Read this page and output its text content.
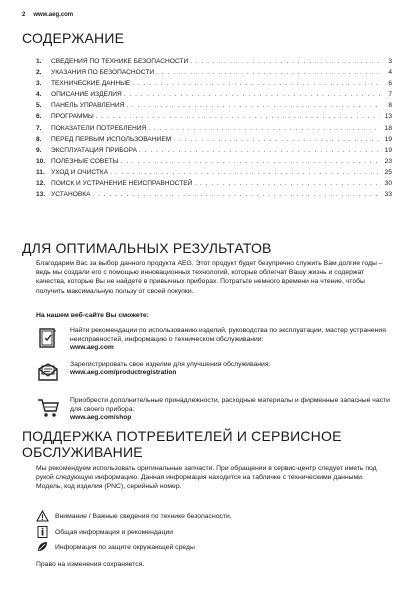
2 www.aeg.com
СОДЕРЖАНИЕ
1.	СВЕДЕНИЯ ПО ТЕХНИКЕ БЕЗОПАСНОСТИ . . .	3
2.	УКАЗАНИЯ ПО БЕЗОПАСНОСТИ . . .	4
3.	ТЕХНИЧЕСКИЕ ДАННЫЕ . . .	6
4.	ОПИСАНИЕ ИЗДЕЛИЯ . . .	7
5.	ПАНЕЛЬ УПРАВЛЕНИЯ . . .	8
6.	ПРОГРАММЫ . . .	13
7.	ПОКАЗАТЕЛИ ПОТРЕБЛЕНИЯ . . .	18
8.	ПЕРЕД ПЕРВЫМ ИСПОЛЬЗОВАНИЕМ . . .	19
9.	ЭКСПЛУАТАЦИЯ ПРИБОРА . . .	19
10. ПОЛЕЗНЫЕ СОВЕТЫ . . .	23
11. УХОД И ОЧИСТКА . . .	25
12. ПОИСК И УСТРАНЕНИЕ НЕИСПРАВНОСТЕЙ . . .	30
13. УСТАНОВКА . . .	33
ДЛЯ ОПТИМАЛЬНЫХ РЕЗУЛЬТАТОВ

Благодарим Вас за выбор данного продукта AEG. Этот продукт будет безупречно служить Вам долгие годы – ведь мы создали его с помощью инновационных технологий, которые облегчат Вашу жизнь и содержат качества, которые Вы не найдете в привычных приборах. Потратьте немного времени на чтение, чтобы получить максимальную пользу от своей покупки.

На нашем веб-сайте Вы сможете:
Найти рекомендации по использованию изделий, руководства по эксплуатации, мастер устранения неисправностей, информацию о техническом обслуживании:
www.aeg.com
Зарегистрировать свое изделие для улучшения обслуживания:
www.aeg.com/productregistration
Приобрести дополнительные принадлежности, расходные материалы и фирменные запасные части для своего прибора:
www.aeg.com/shop
ПОДДЕРЖКА ПОТРЕБИТЕЛЕЙ И СЕРВИСНОЕ
ОБСЛУЖИВАНИЕ

Мы рекомендуем использовать оригинальные запчасти. При обращении в сервис-центр следует иметь под рукой следующую информацию. Данная информация находится на табличке с техническими данными. Модель, код изделия (PNC), серийный номер.

Внимание / Важные сведения по технике безопасности.
Общая информация и рекомендации
Информация по защите окружающей среды

Право на изменения сохраняется.
